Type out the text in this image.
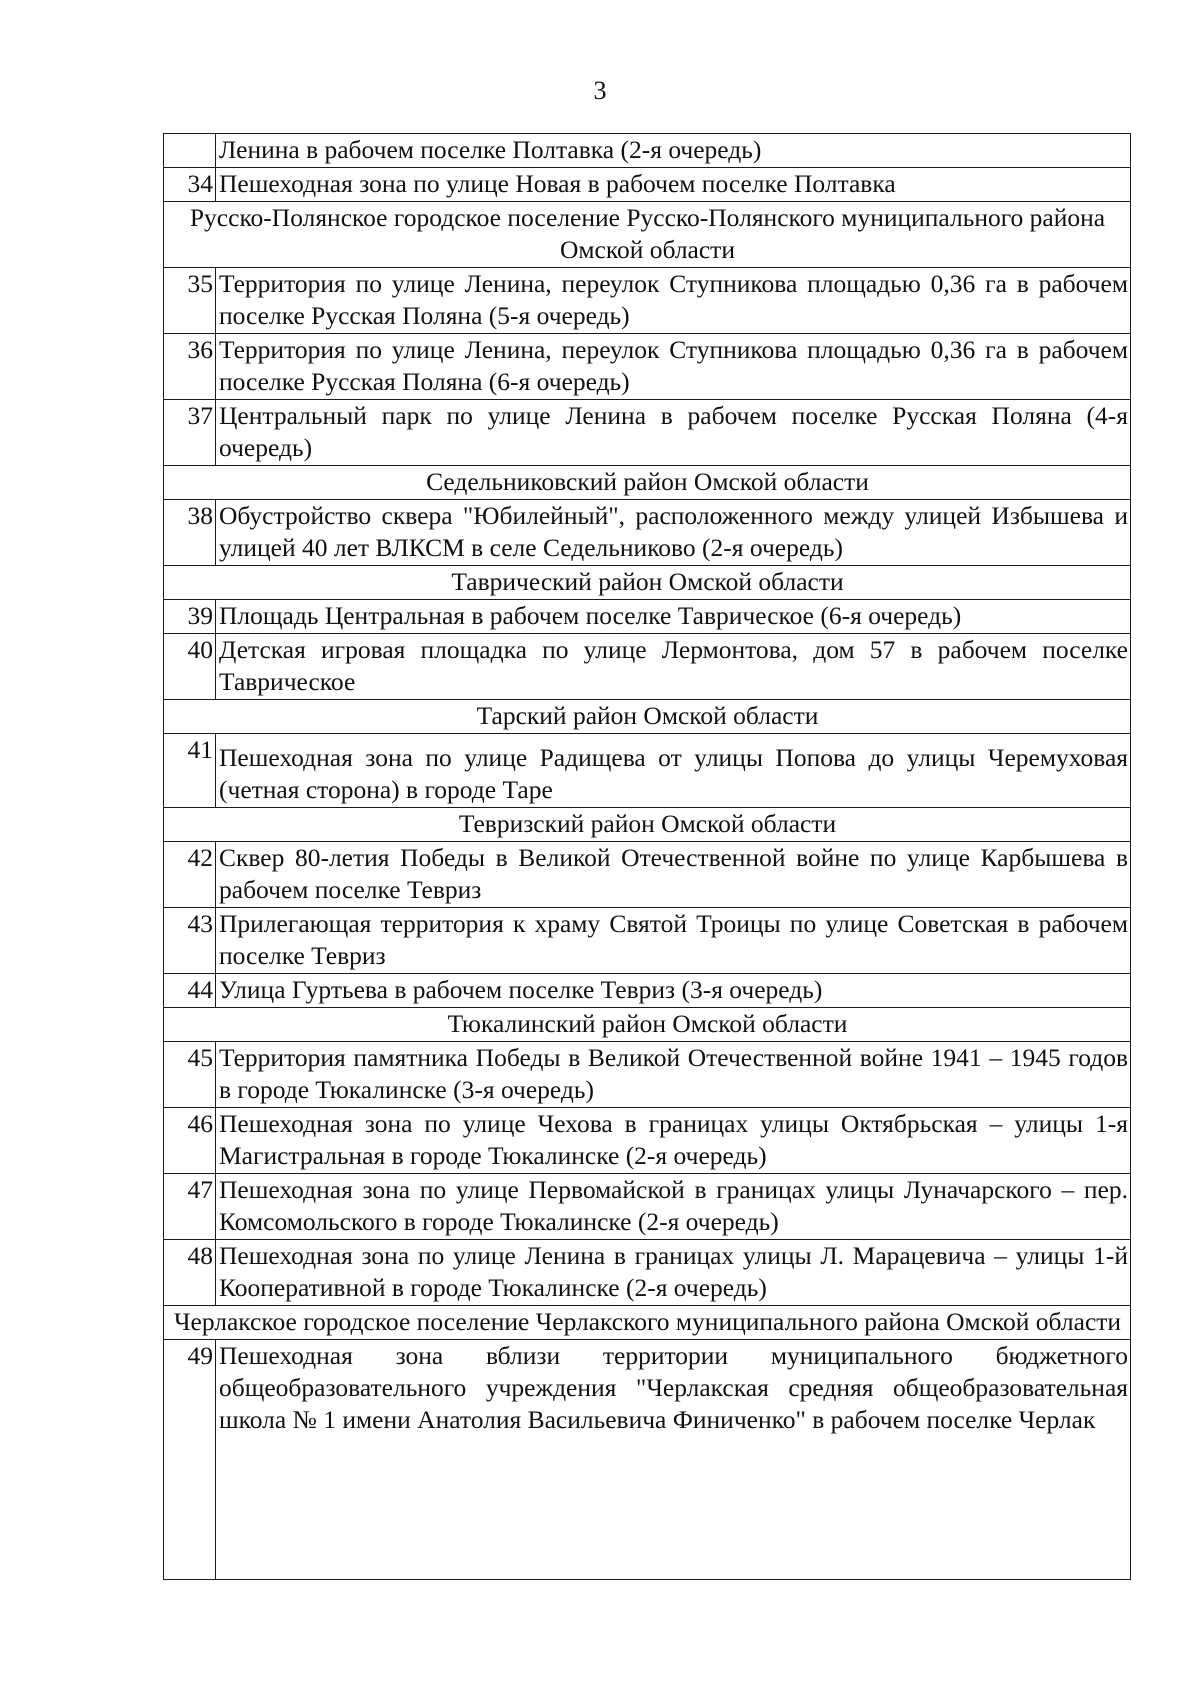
3
	Ленина в рабочем поселке Полтавка (2-я очередь)
34	Пешеходная зона по улице Новая в рабочем поселке Полтавка
Русско-Полянское городское поселение Русско-Полянского муниципального района Омской области	
35	Территория по улице Ленина, переулок Ступникова площадью 0,36 га в рабочем поселке Русская Поляна (5-я очередь)
36	Территория по улице Ленина, переулок Ступникова площадью 0,36 га в рабочем поселке Русская Поляна (6-я очередь)
37	Центральный парк по улице Ленина в рабочем поселке Русская Поляна (4-я очередь)
Седельниковский район Омской области	
38	Обустройство сквера "Юбилейный", расположенного между улицей Избышева и улицей 40 лет ВЛКСМ в селе Седельниково (2-я очередь)
Таврический район Омской области	
39	Площадь Центральная в рабочем поселке Таврическое (6-я очередь)
40	Детская игровая площадка по улице Лермонтова, дом 57 в рабочем поселке Таврическое
Тарский район Омской области	
41	Пешеходная зона по улице Радищева от улицы Попова до улицы Черемуховая (четная сторона) в городе Таре
Тевризский район Омской области	
42	Сквер 80-летия Победы в Великой Отечественной войне по улице Карбышева в рабочем поселке Тевриз
43	Прилегающая территория к храму Святой Троицы по улице Советская в рабочем поселке Тевриз
44	Улица Гуртьева в рабочем поселке Тевриз (3-я очередь)
Тюкалинский район Омской области	
45	Территория памятника Победы в Великой Отечественной войне 1941 – 1945 годов в городе Тюкалинске (3-я очередь)
46	Пешеходная зона по улице Чехова в границах улицы Октябрьская – улицы 1-я Магистральная в городе Тюкалинске (2-я очередь)
47	Пешеходная зона по улице Первомайской в границах улицы Луначарского – пер. Комсомольского в городе Тюкалинске (2-я очередь)
48	Пешеходная зона по улице Ленина в границах улицы Л. Марацевича – улицы 1-й Кооперативной в городе Тюкалинске (2-я очередь)
Черлакское городское поселение Черлакского муниципального района Омской области	
49	Пешеходная зона вблизи территории муниципального бюджетного общеобразовательного учреждения "Черлакская средняя общеобразовательная школа № 1 имени Анатолия Васильевича Финиченко" в рабочем поселке Черлак
